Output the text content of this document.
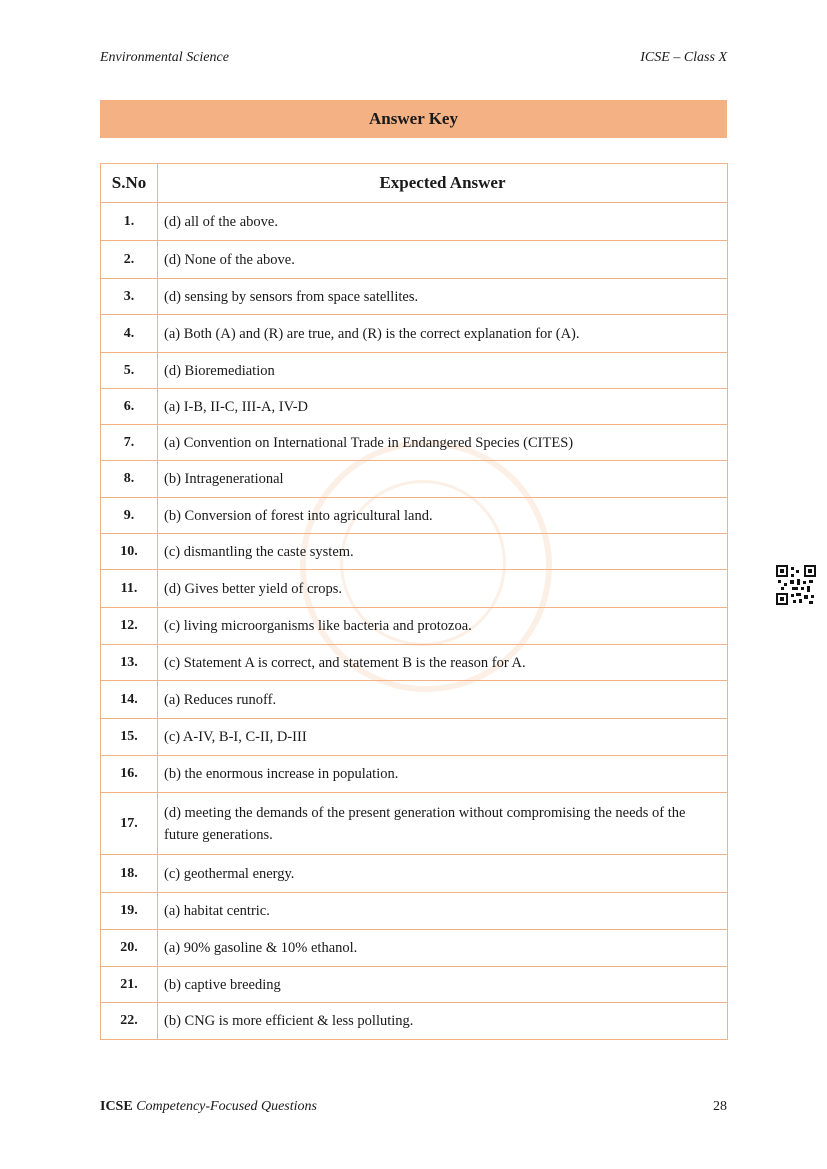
Environmental Science	ICSE – Class X
Answer Key
S.No	Expected Answer
1.	(d) all of the above.
2.	(d) None of the above.
3.	(d) sensing by sensors from space satellites.
4.	(a) Both (A) and (R) are true, and (R) is the correct explanation for (A).
5.	(d) Bioremediation
6.	(a) I-B, II-C, III-A, IV-D
7.	(a) Convention on International Trade in Endangered Species (CITES)
8.	(b) Intragenerational
9.	(b) Conversion of forest into agricultural land.
10.	(c) dismantling the caste system.
11.	(d) Gives better yield of crops.
12.	(c) living microorganisms like bacteria and protozoa.
13.	(c) Statement A is correct, and statement B is the reason for A.
14.	(a) Reduces runoff.
15.	(c) A-IV, B-I, C-II, D-III
16.	(b) the enormous increase in population.
17.	(d) meeting the demands of the present generation without compromising the needs of the future generations.
18.	(c) geothermal energy.
19.	(a) habitat centric.
20.	(a) 90% gasoline & 10% ethanol.
21.	(b) captive breeding
22.	(b) CNG is more efficient & less polluting.
ICSE Competency-Focused Questions	28
